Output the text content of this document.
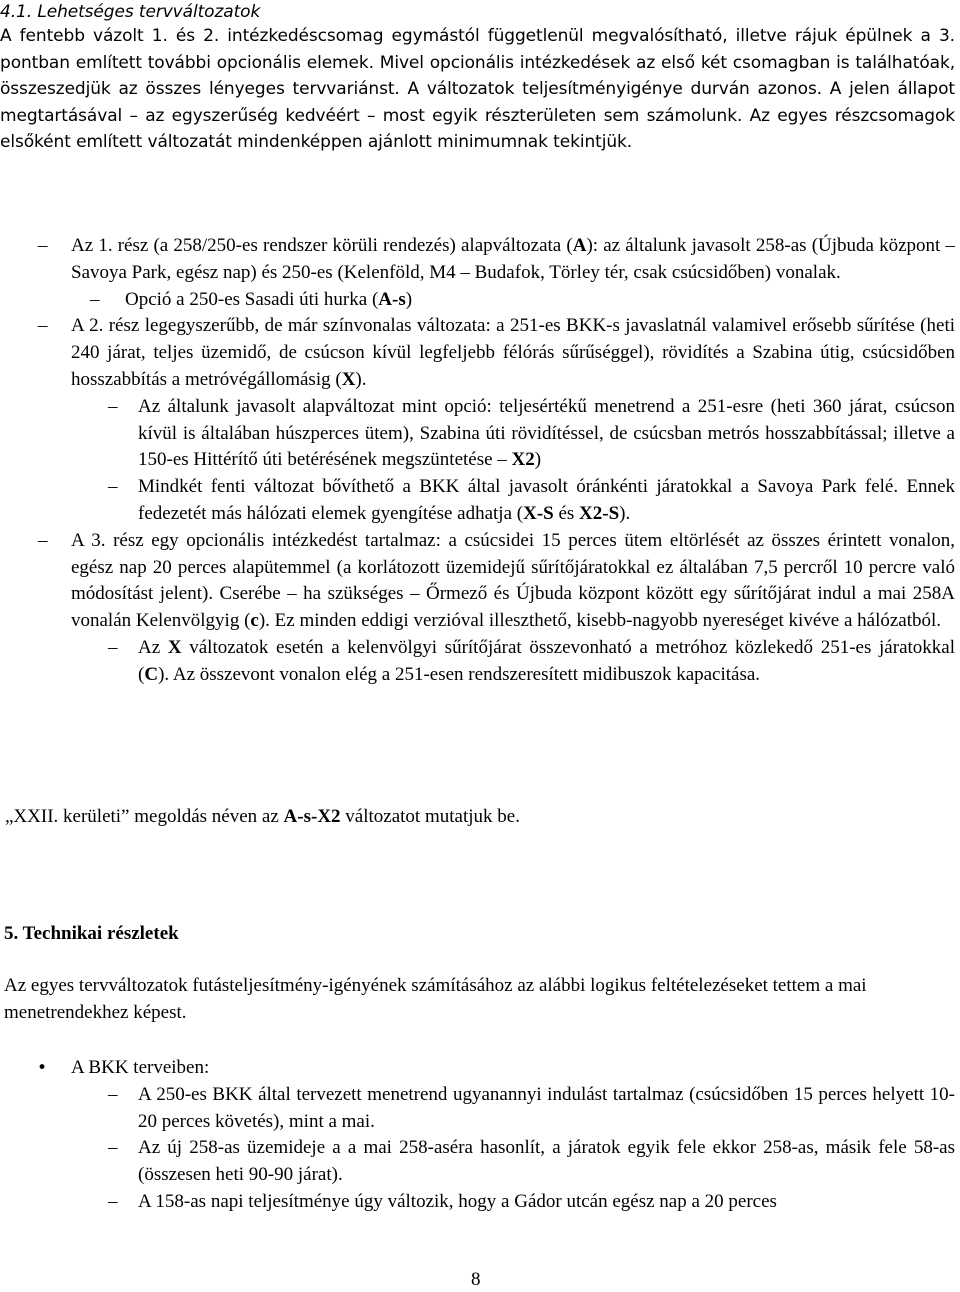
4.1. Lehetséges tervváltozatok

A fentebb vázolt 1. és 2. intézkedéscsomag egymástól függetlenül megvalósítható, illetve rájuk épülnek a 3. pontban említett további opcionális elemek. Mivel opcionális intézkedések az első két csomagban is találhatóak, összeszedjük az összes lényeges tervvariánst. A változatok teljesítményigénye durván azonos. A jelen állapot megtartásával – az egyszerűség kedvéért – most egyik részterületen sem számolunk. Az egyes részcsomagok elsőként említett változatát mindenképpen ajánlott minimumnak tekintjük.

– Az 1. rész (a 258/250-es rendszer körüli rendezés) alapváltozata (A): az általunk javasolt 258-as (Újbuda központ – Savoya Park, egész nap) és 250-es (Kelenföld, M4 – Budafok, Törley tér, csak csúcsidőben) vonalak.
– Opció a 250-es Sasadi úti hurka (A-s)
– A 2. rész legegyszerűbb, de már színvonalas változata: a 251-es BKK-s javaslatnál valamivel erősebb sűrítése (heti 240 járat, teljes üzemidő, de csúcson kívül legfeljebb félórás sűrűséggel), rövidítés a Szabina útig, csúcsidőben hosszabbítás a metróvégállomásig (X).
– Az általunk javasolt alapváltozat mint opció: teljesértékű menetrend a 251-esre (heti 360 járat, csúcson kívül is általában húszperces ütem), Szabina úti rövidítéssel, de csúcsban metrós hosszabbítással; illetve a 150-es Hittérítő úti betérésének megszüntetése – X2)
– Mindkét fenti változat bővíthető a BKK által javasolt óránkénti járatokkal a Savoya Park felé. Ennek fedezetét más hálózati elemek gyengítése adhatja (X-S és X2-S).
– A 3. rész egy opcionális intézkedést tartalmaz: a csúcsidei 15 perces ütem eltörlését az összes érintett vonalon, egész nap 20 perces alapütemmel (a korlátozott üzemidejű sűrítőjáratokkal ez általában 7,5 percről 10 percre való módosítást jelent). Cserébe – ha szükséges – Őrmező és Újbuda központ között egy sűrítőjárat indul a mai 258A vonalán Kelenvölgyig (c). Ez minden eddigi verzióval illeszthető, kisebb-nagyobb nyereséget kivéve a hálózatból.
– Az X változatok esetén a kelenvölgyi sűrítőjárat összevonható a metróhoz közlekedő 251-es járatokkal (C). Az összevont vonalon elég a 251-esen rendszeresített midibuszok kapacitása.

„XXII. kerületi” megoldás néven az A-s-X2 változatot mutatjuk be.

5. Technikai részletek

Az egyes tervváltozatok futásteljesítmény-igényének számításához az alábbi logikus feltételezéseket tettem a mai menetrendekhez képest.

• A BKK terveiben:
– A 250-es BKK által tervezett menetrend ugyanannyi indulást tartalmaz (csúcsidőben 15 perces helyett 10-20 perces követés), mint a mai.
– Az új 258-as üzemideje a a mai 258-aséra hasonlít, a járatok egyik fele ekkor 258-as, másik fele 58-as (összesen heti 90-90 járat).
– A 158-as napi teljesítménye úgy változik, hogy a Gádor utcán egész nap a 20 perces

8
